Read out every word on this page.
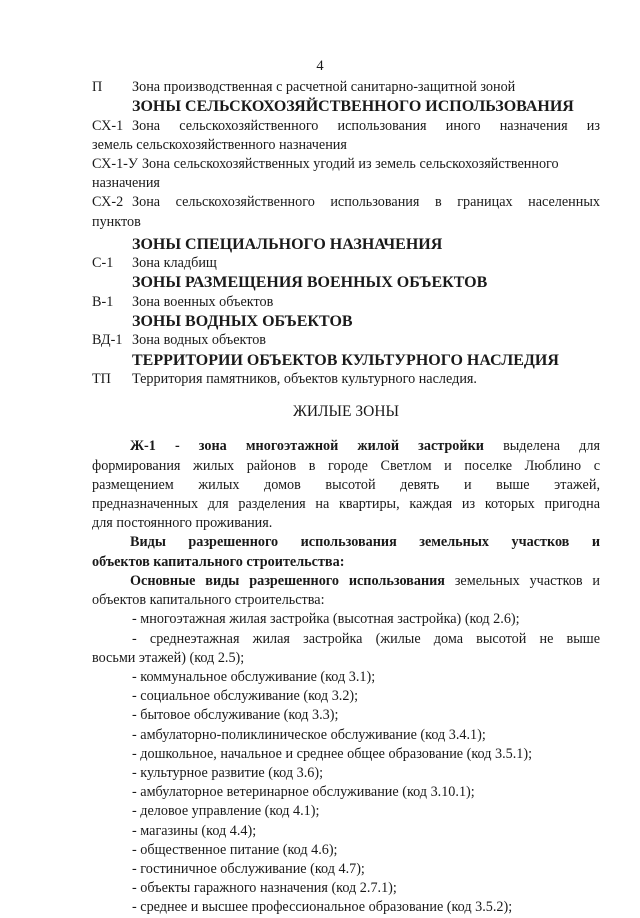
4

П	Зона производственная с расчетной санитарно-защитной зоной

ЗОНЫ СЕЛЬСКОХОЗЯЙСТВЕННОГО ИСПОЛЬЗОВАНИЯ

СХ-1 Зона сельскохозяйственного использования иного назначения из

земель сельскохозяйственного назначения

СХ-1-У Зона сельскохозяйственных угодий из земель сельскохозяйственного

назначения

СХ-2 Зона сельскохозяйственного использования в границах населенных

пунктов

ЗОНЫ СПЕЦИАЛЬНОГО НАЗНАЧЕНИЯ

С-1	Зона кладбищ

ЗОНЫ РАЗМЕЩЕНИЯ ВОЕННЫХ ОБЪЕКТОВ

В-1	Зона военных объектов

ЗОНЫ ВОДНЫХ ОБЪЕКТОВ

ВД-1 Зона водных объектов

ТЕРРИТОРИИ ОБЪЕКТОВ КУЛЬТУРНОГО НАСЛЕДИЯ

ТП	Территория памятников, объектов культурного наследия.

ЖИЛЫЕ ЗОНЫ

Ж-1 - зона многоэтажной жилой застройки выделена для

формирования жилых районов в городе Светлом и поселке Люблино с

размещением жилых домов высотой девять и выше этажей,

предназначенных для разделения на квартиры, каждая из которых пригодна

для постоянного проживания.

Виды разрешенного использования земельных участков и

объектов капитального строительства:

Основные виды разрешенного использования земельных участков и

объектов капитального строительства:

- многоэтажная жилая застройка (высотная застройка) (код 2.6);

- среднеэтажная жилая застройка (жилые дома высотой не выше

восьми этажей) (код 2.5);

- коммунальное обслуживание (код 3.1);

- социальное обслуживание (код 3.2);

- бытовое обслуживание (код 3.3);

- амбулаторно-поликлиническое обслуживание (код 3.4.1);

- дошкольное, начальное и среднее общее образование (код 3.5.1);

- культурное развитие (код 3.6);

- амбулаторное ветеринарное обслуживание (код 3.10.1);

- деловое управление (код 4.1);

- магазины (код 4.4);

- общественное питание (код 4.6);

- гостиничное обслуживание (код 4.7);

- объекты гаражного назначения (код 2.7.1);

- среднее и высшее профессиональное образование (код 3.5.2);
